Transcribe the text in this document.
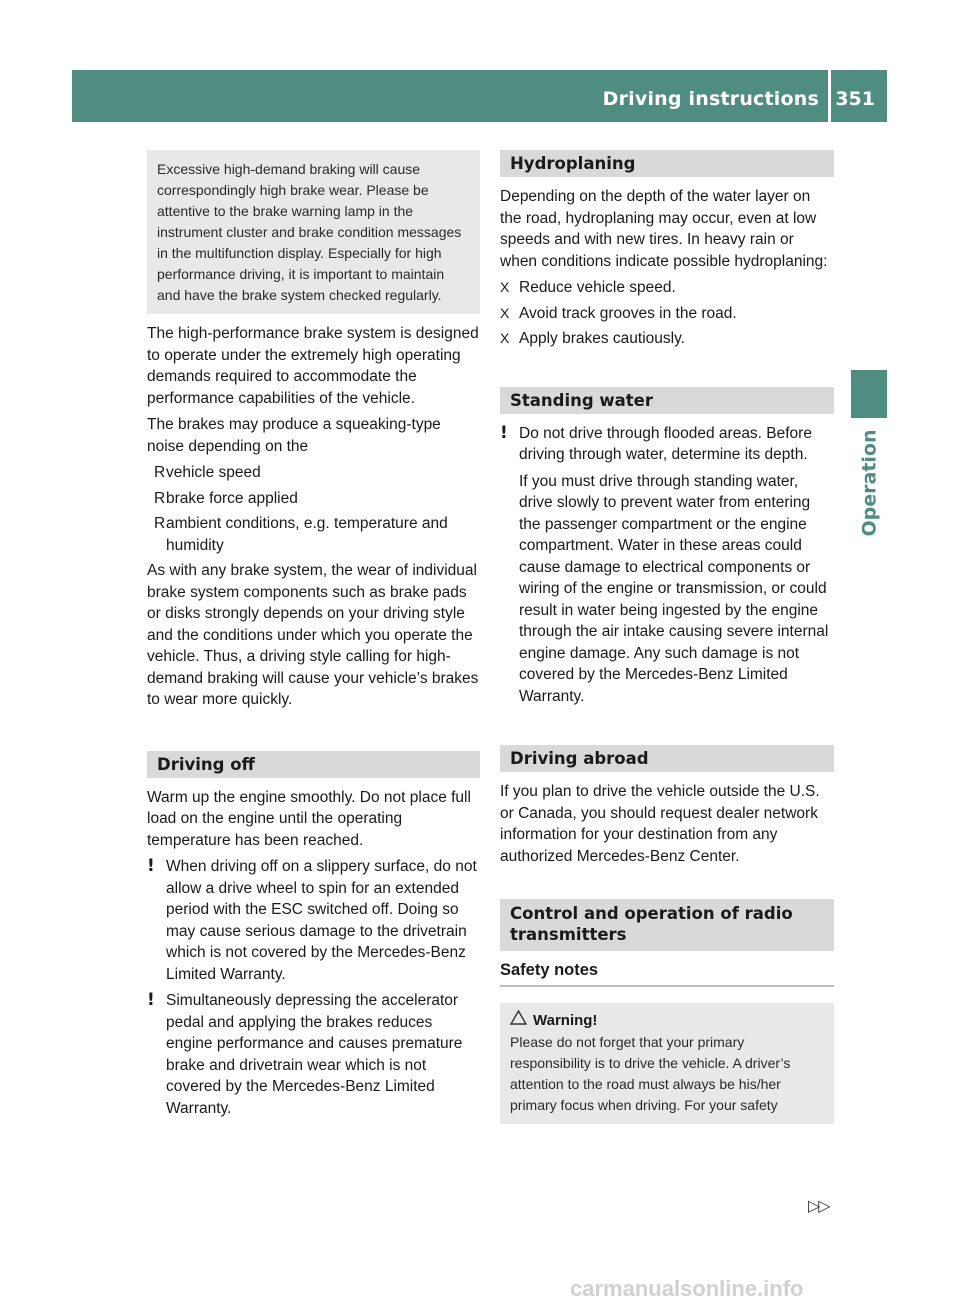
Driving instructions 351
Operation
Excessive high-demand braking will cause correspondingly high brake wear. Please be attentive to the brake warning lamp in the instrument cluster and brake condition messages in the multifunction display. Especially for high performance driving, it is important to maintain and have the brake system checked regularly.

The high-performance brake system is designed to operate under the extremely high operating demands required to accommodate the performance capabilities of the vehicle.

The brakes may produce a squeaking-type noise depending on the

R vehicle speed
R brake force applied
R ambient conditions, e.g. temperature and humidity

As with any brake system, the wear of individual brake system components such as brake pads or disks strongly depends on your driving style and the conditions under which you operate the vehicle. Thus, a driving style calling for high-demand braking will cause your vehicle’s brakes to wear more quickly.

Driving off

Warm up the engine smoothly. Do not place full load on the engine until the operating temperature has been reached.

! When driving off on a slippery surface, do not allow a drive wheel to spin for an extended period with the ESC switched off. Doing so may cause serious damage to the drivetrain which is not covered by the Mercedes-Benz Limited Warranty.
! Simultaneously depressing the accelerator pedal and applying the brakes reduces engine performance and causes premature brake and drivetrain wear which is not covered by the Mercedes-Benz Limited Warranty.
Hydroplaning

Depending on the depth of the water layer on the road, hydroplaning may occur, even at low speeds and with new tires. In heavy rain or when conditions indicate possible hydroplaning:

X Reduce vehicle speed.
X Avoid track grooves in the road.
X Apply brakes cautiously.
Standing water
! Do not drive through flooded areas. Before driving through water, determine its depth.

If you must drive through standing water, drive slowly to prevent water from entering the passenger compartment or the engine compartment. Water in these areas could cause damage to electrical components or wiring of the engine or transmission, or could result in water being ingested by the engine through the air intake causing severe internal engine damage. Any such damage is not covered by the Mercedes-Benz Limited Warranty.

Driving abroad

If you plan to drive the vehicle outside the U.S. or Canada, you should request dealer network information for your destination from any authorized Mercedes-Benz Center.

Control and operation of radio transmitters
Safety notes
Warning!
Please do not forget that your primary responsibility is to drive the vehicle. A driver’s attention to the road must always be his/her primary focus when driving. For your safety
▷▷
carmanualsonline.info
